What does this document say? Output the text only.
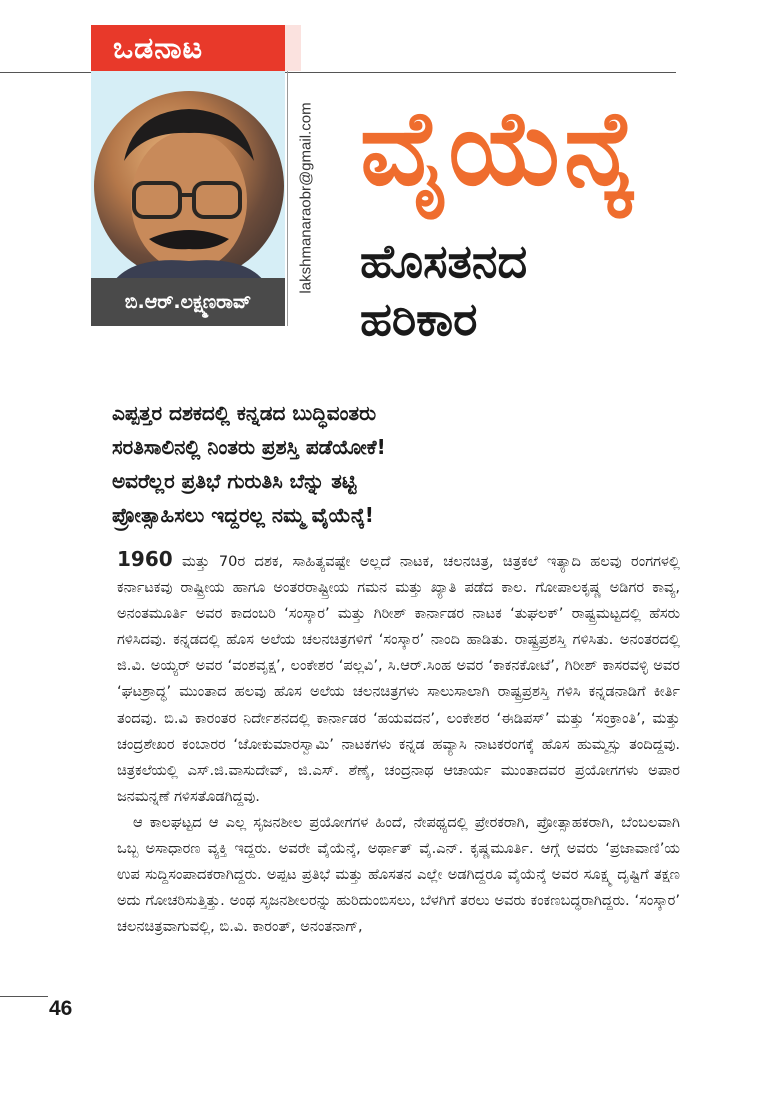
ಒಡನಾಟ
ಬಿ.ಆರ್.ಲಕ್ಷ್ಮಣರಾವ್
lakshmanaraobr@gmail.com ವೈಯೆನ್ಕೆ
ಹೊಸತನದ
ಹರಿಕಾರ
ಎಪ್ಪತ್ತರ ದಶಕದಲ್ಲಿ ಕನ್ನಡದ ಬುದ್ಧಿವಂತರು
ಸರತಿಸಾಲಿನಲ್ಲಿ ನಿಂತರು ಪ್ರಶಸ್ತಿ ಪಡೆಯೋಕೆ!
ಅವರೆಲ್ಲರ ಪ್ರತಿಭೆ ಗುರುತಿಸಿ ಬೆನ್ನು ತಟ್ಟಿ
ಪ್ರೋತ್ಸಾಹಿಸಲು ಇದ್ದರಲ್ಲ ನಮ್ಮ ವೈಯೆನ್ಕೆ!

1960 ಮತ್ತು 70ರ ದಶಕ, ಸಾಹಿತ್ಯವಷ್ಟೇ ಅಲ್ಲದೆ ನಾಟಕ, ಚಲನಚಿತ್ರ, ಚಿತ್ರಕಲೆ ಇತ್ಯಾದಿ ಹಲವು ರಂಗಗಳಲ್ಲಿ ಕರ್ನಾಟಕವು ರಾಷ್ಟ್ರೀಯ ಹಾಗೂ ಅಂತರರಾಷ್ಟ್ರೀಯ ಗಮನ ಮತ್ತು ಖ್ಯಾತಿ ಪಡೆದ ಕಾಲ. ಗೋಪಾಲಕೃಷ್ಣ ಅಡಿಗರ ಕಾವ್ಯ, ಅನಂತಮೂರ್ತಿ ಅವರ ಕಾದಂಬರಿ ‘ಸಂಸ್ಕಾರ’ ಮತ್ತು ಗಿರೀಶ್ ಕಾರ್ನಾಡರ ನಾಟಕ ‘ತುಘಲಕ್’ ರಾಷ್ಟ್ರಮಟ್ಟದಲ್ಲಿ ಹೆಸರು ಗಳಿಸಿದವು. ಕನ್ನಡದಲ್ಲಿ ಹೊಸ ಅಲೆಯ ಚಲನಚಿತ್ರಗಳಿಗೆ ‘ಸಂಸ್ಕಾರ’ ನಾಂದಿ ಹಾಡಿತು. ರಾಷ್ಟ್ರಪ್ರಶಸ್ತಿ ಗಳಿಸಿತು. ಅನಂತರದಲ್ಲಿ ಜಿ.ವಿ. ಅಯ್ಯರ್ ಅವರ ‘ವಂಶವೃಕ್ಷ’, ಲಂಕೇಶರ ‘ಪಲ್ಲವಿ’, ಸಿ.ಆರ್.ಸಿಂಹ ಅವರ ‘ಕಾಕನಕೋಟೆ’, ಗಿರೀಶ್ ಕಾಸರವಳ್ಳಿ ಅವರ ‘ಘಟಶ್ರಾದ್ಧ’ ಮುಂತಾದ ಹಲವು ಹೊಸ ಅಲೆಯ ಚಲನಚಿತ್ರಗಳು ಸಾಲುಸಾಲಾಗಿ ರಾಷ್ಟ್ರಪ್ರಶಸ್ತಿ ಗಳಿಸಿ ಕನ್ನಡನಾಡಿಗೆ ಕೀರ್ತಿ ತಂದವು. ಬಿ.ವಿ ಕಾರಂತರ ನಿರ್ದೇಶನದಲ್ಲಿ ಕಾರ್ನಾಡರ ‘ಹಯವದನ’, ಲಂಕೇಶರ ‘ಈಡಿಪಸ್’ ಮತ್ತು ‘ಸಂಕ್ರಾಂತಿ’, ಮತ್ತು ಚಂದ್ರಶೇಖರ ಕಂಬಾರರ ‘ಜೋಕುಮಾರಸ್ವಾಮಿ’ ನಾಟಕಗಳು ಕನ್ನಡ ಹವ್ಯಾಸಿ ನಾಟಕರಂಗಕ್ಕೆ ಹೊಸ ಹುಮ್ಮಸ್ಸು ತಂದಿದ್ದವು. ಚಿತ್ರಕಲೆಯಲ್ಲಿ ಎಸ್.ಜಿ.ವಾಸುದೇವ್, ಜಿ.ಎಸ್. ಶೆಣೈ, ಚಂದ್ರನಾಥ ಆಚಾರ್ಯ ಮುಂತಾದವರ ಪ್ರಯೋಗಗಳು ಅಪಾರ ಜನಮನ್ನಣೆ ಗಳಿಸತೊಡಗಿದ್ದವು.

ಆ ಕಾಲಘಟ್ಟದ ಆ ಎಲ್ಲ ಸೃಜನಶೀಲ ಪ್ರಯೋಗಗಳ ಹಿಂದೆ, ನೇಪಥ್ಯದಲ್ಲಿ ಪ್ರೇರಕರಾಗಿ, ಪ್ರೋತ್ಸಾಹಕರಾಗಿ, ಬೆಂಬಲವಾಗಿ ಒಬ್ಬ ಅಸಾಧಾರಣ ವ್ಯಕ್ತಿ ಇದ್ದರು. ಅವರೇ ವೈಯೆನ್ಕೆ, ಅರ್ಥಾತ್ ವೈ.ಎನ್. ಕೃಷ್ಣಮೂರ್ತಿ. ಆಗ್ಗೆ ಅವರು ‘ಪ್ರಜಾವಾಣಿ’ಯ ಉಪ ಸುದ್ದಿಸಂಪಾದಕರಾಗಿದ್ದರು. ಅಪ್ಪಟ ಪ್ರತಿಭೆ ಮತ್ತು ಹೊಸತನ ಎಲ್ಲೇ ಅಡಗಿದ್ದರೂ ವೈಯೆನ್ಕೆ ಅವರ ಸೂಕ್ಷ್ಮ ದೃಷ್ಟಿಗೆ ತಕ್ಷಣ ಅದು ಗೋಚರಿಸುತ್ತಿತ್ತು. ಅಂಥ ಸೃಜನಶೀಲರನ್ನು ಹುರಿದುಂಬಿಸಲು, ಬೆಳಗಿಗೆ ತರಲು ಅವರು ಕಂಕಣಬದ್ಧರಾಗಿದ್ದರು. ‘ಸಂಸ್ಕಾರ’ ಚಲನಚಿತ್ರವಾಗುವಲ್ಲಿ, ಬಿ.ವಿ. ಕಾರಂತ್, ಅನಂತನಾಗ್,

46
